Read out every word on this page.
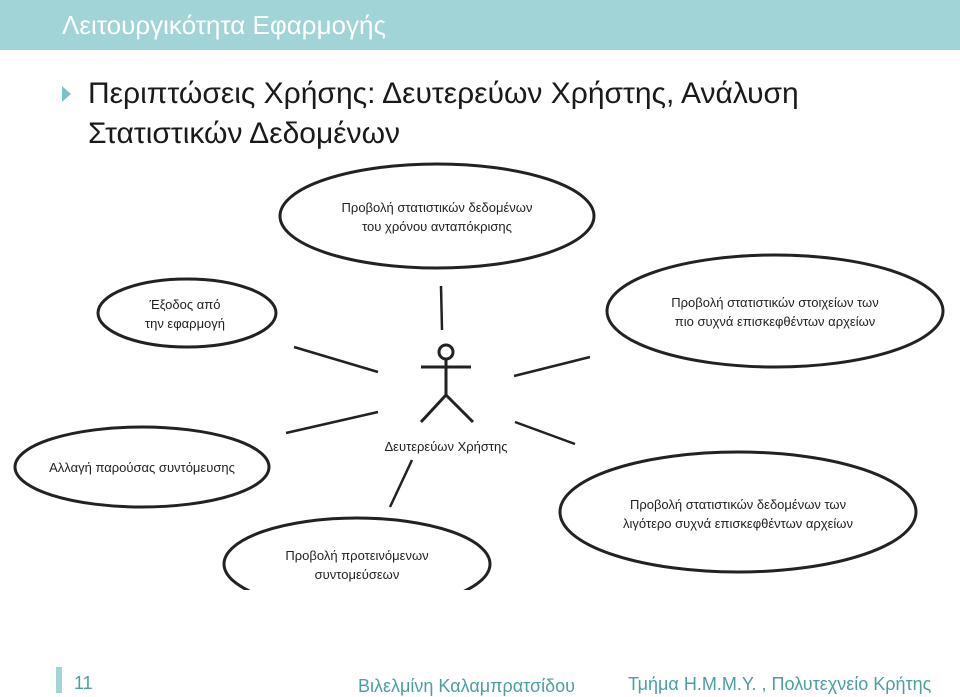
Λειτουργικότητα Εφαρμογής
Περιπτώσεις Χρήσης: Δευτερεύων Χρήστης, Ανάλυση Στατιστικών Δεδομένων
Δευτερεύων Χρήστης
Προβολή στατιστικών δεδομένων
του χρόνου ανταπόκρισης
Έξοδος από
την εφαρμογή
Προβολή στατιστικών στοιχείων των
πιο συχνά επισκεφθέντων αρχείων
Αλλαγή παρούσας συντόμευσης
Προβολή στατιστικών δεδομένων των
λιγότερο συχνά επισκεφθέντων αρχείων
Προβολή προτεινόμενων
συντομεύσεων
11	Βιλελμίνη Καλαμπρατσίδου	Τμήμα Η.Μ.Μ.Υ. , Πολυτεχνείο Κρήτης
